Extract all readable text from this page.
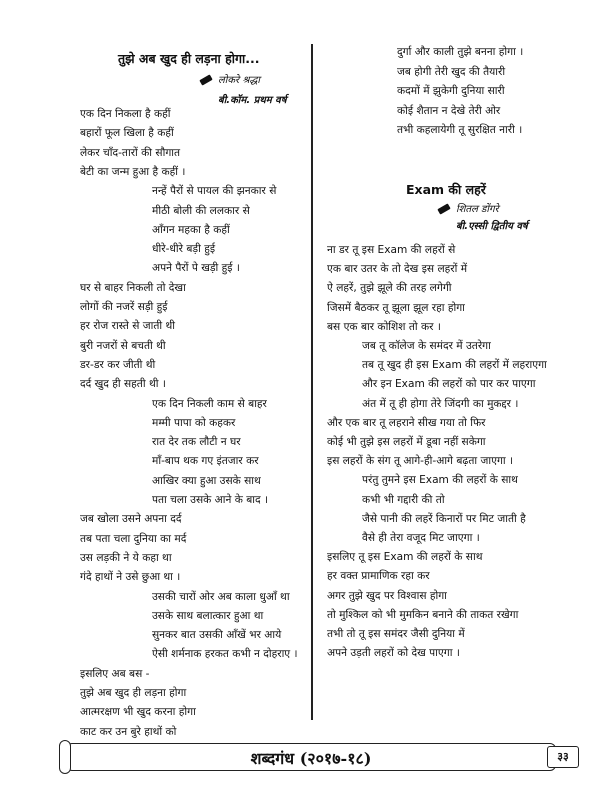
तुझे अब खुद ही लड़ना होगा...
लोकरे श्रद्धा
बी.कॉम. प्रथम वर्ष
एक दिन निकला है कहीं
बहारों फूल खिला है कहीं
लेकर चाँद-तारों की सौगात
बेटी का जन्म हुआ है कहीं ।
नन्हें पैरों से पायल की झनकार से
मीठी बोली की ललकार से
आँगन महका है कहीं
धीरे-धीरे बड़ी हुई
अपने पैरों पे खड़ी हुई ।
घर से बाहर निकली तो देखा
लोगों की नजरें सड़ी हुई
हर रोज रास्ते से जाती थी
बुरी नजरों से बचती थी
डर-डर कर जीती थी
दर्द खुद ही सहती थी ।
एक दिन निकली काम से बाहर
मम्मी पापा को कहकर
रात देर तक लौटी न घर
माँ-बाप थक गए इंतजार कर
आखिर क्या हुआ उसके साथ
पता चला उसके आने के बाद ।
जब खोला उसने अपना दर्द
तब पता चला दुनिया का मर्द
उस लड़की ने ये कहा था
गंदे हाथों ने उसे छुआ था ।
उसकी चारों ओर अब काला धुआँ था
उसके साथ बलात्कार हुआ था
सुनकर बात उसकी आँखें भर आये
ऐसी शर्मनाक हरकत कभी न दोहराए ।
इसलिए अब बस -
तुझे अब खुद ही लड़ना होगा
आत्मरक्षण भी खुद करना होगा
काट कर उन बुरे हाथों को
दुर्गा और काली तुझे बनना होगा ।
जब होगी तेरी खुद की तैयारी
कदमों में झुकेगी दुनिया सारी
कोई शैतान न देखे तेरी ओर
तभी कहलायेगी तू सुरक्षित नारी ।
Exam की लहरें
शितल डोंगरे
बी.एस्सी द्वितीय वर्ष
ना डर तू इस Exam की लहरों से
एक बार उतर के तो देख इस लहरों में
ऐ लहरें, तुझे झूले की तरह लगेगी
जिसमें बैठकर तू झूला झूल रहा होगा
बस एक बार कोशिश तो कर ।
जब तू कॉलेज के समंदर में उतरेगा
तब तू खुद ही इस Exam की लहरों में लहराएगा
और इन Exam की लहरों को पार कर पाएगा
अंत में तू ही होगा तेरे जिंदगी का मुकद्दर ।
और एक बार तू लहराने सीख गया तो फिर
कोई भी तुझे इस लहरों में डूबा नहीं सकेगा
इस लहरों के संग तू आगे-ही-आगे बढ़ता जाएगा ।
परंतु तुमने इस Exam की लहरों के साथ
कभी भी गद्दारी की तो
जैसे पानी की लहरें किनारों पर मिट जाती है
वैसे ही तेरा वजूद मिट जाएगा ।
इसलिए तू इस Exam की लहरों के साथ
हर वक्त प्रामाणिक रहा कर
अगर तुझे खुद पर विश्वास होगा
तो मुश्किल को भी मुमकिन बनाने की ताकत रखेगा
तभी तो तू इस समंदर जैसी दुनिया में
अपने उड़ती लहरों को देख पाएगा ।
शब्दगंध (२०१७-१८)	३३
